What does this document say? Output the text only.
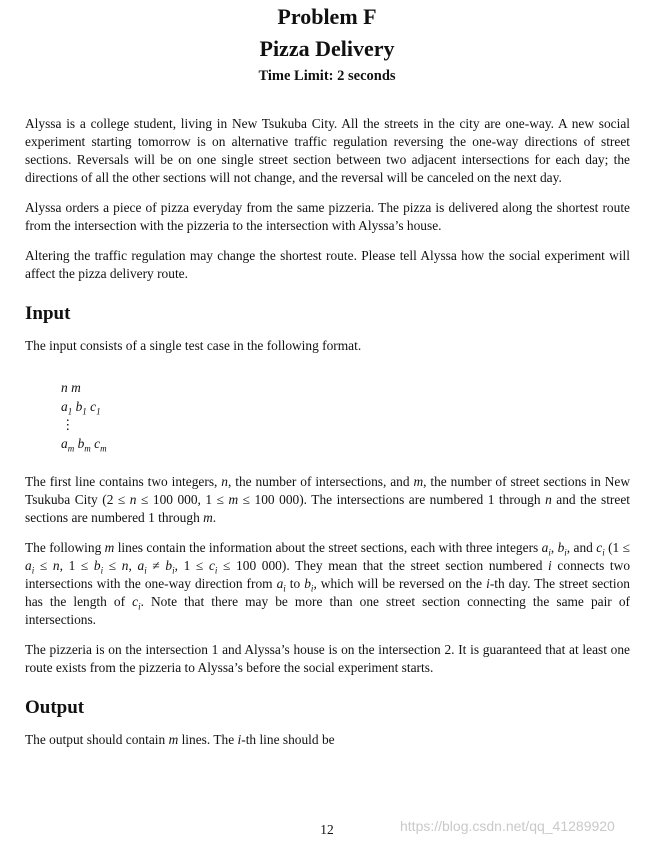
Problem F
Pizza Delivery
Time Limit: 2 seconds

Alyssa is a college student, living in New Tsukuba City. All the streets in the city are one-way. A new social experiment starting tomorrow is on alternative traffic regulation reversing the one-way directions of street sections. Reversals will be on one single street section between two adjacent intersections for each day; the directions of all the other sections will not change, and the reversal will be canceled on the next day.

Alyssa orders a piece of pizza everyday from the same pizzeria. The pizza is delivered along the shortest route from the intersection with the pizzeria to the intersection with Alyssa’s house.

Altering the traffic regulation may change the shortest route. Please tell Alyssa how the social experiment will affect the pizza delivery route.

Input

The input consists of a single test case in the following format.

n m
$a_1$ $b_1$ $c_1$
⋮
$a_m$ $b_m$ $c_m$

The first line contains two integers, n, the number of intersections, and m, the number of street sections in New Tsukuba City (2 ≤ n ≤ 100 000, 1 ≤ m ≤ 100 000). The intersections are numbered 1 through n and the street sections are numbered 1 through m.

The following m lines contain the information about the street sections, each with three integers $a_i$, $b_i$, and $c_i$ ($1 \le a_i \le n$, $1 \le b_i \le n$, $a_i \ne b_i$, $1 \le c_i \le 100$ 000). They mean that the street section numbered i connects two intersections with the one-way direction from $a_i$ to $b_i$, which will be reversed on the i-th day. The street section has the length of $c_i$. Note that there may be more than one street section connecting the same pair of intersections.

The pizzeria is on the intersection 1 and Alyssa’s house is on the intersection 2. It is guaranteed that at least one route exists from the pizzeria to Alyssa’s before the social experiment starts.

Output

The output should contain m lines. The i-th line should be

12	https://blog.csdn.net/qq_41289920
